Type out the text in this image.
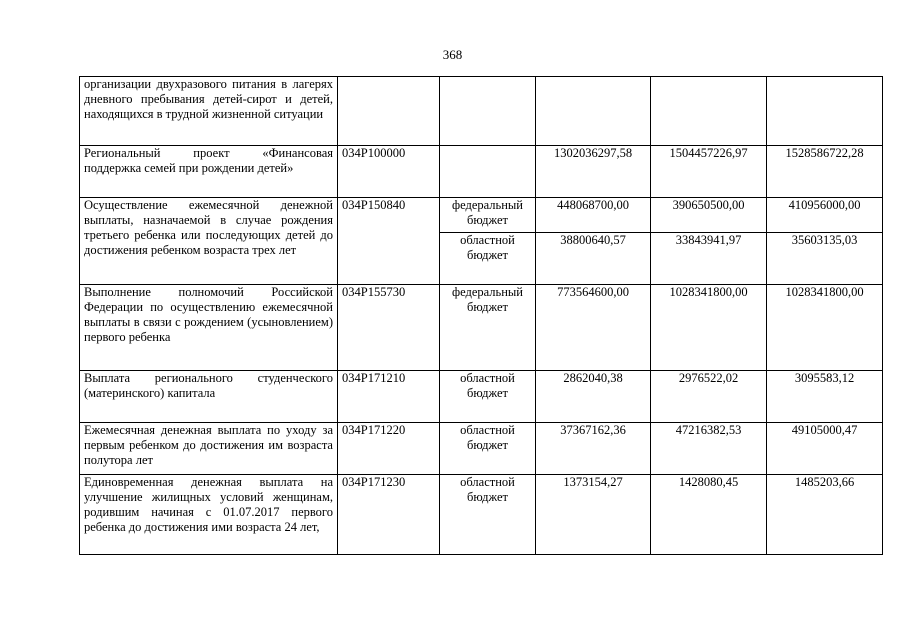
368
организации двухразового питания в лагерях дневного пребывания детей-сирот и детей, находящихся в трудной жизненной ситуации					
Региональный проект «Финансовая поддержка семей при рождении детей»	034P100000		1302036297,58	1504457226,97	1528586722,28
Осуществление ежемесячной денежной выплаты, назначаемой в случае рождения третьего ребенка или последующих детей до достижения ребенком возраста трех лет	034P150840	федеральный бюджет	448068700,00	390650500,00	410956000,00
		областной бюджет	38800640,57	33843941,97	35603135,03
Выполнение полномочий Российской Федерации по осуществлению ежемесячной выплаты в связи с рождением (усыновлением) первого ребенка	034P155730	федеральный бюджет	773564600,00	1028341800,00	1028341800,00
Выплата регионального студенческого (материнского) капитала	034P171210	областной бюджет	2862040,38	2976522,02	3095583,12
Ежемесячная денежная выплата по уходу за первым ребенком до достижения им возраста полутора лет	034P171220	областной бюджет	37367162,36	47216382,53	49105000,47
Единовременная денежная выплата на улучшение жилищных условий женщинам, родившим начиная с 01.07.2017 первого ребенка до достижения ими возраста 24 лет,	034P171230	областной бюджет	1373154,27	1428080,45	1485203,66
